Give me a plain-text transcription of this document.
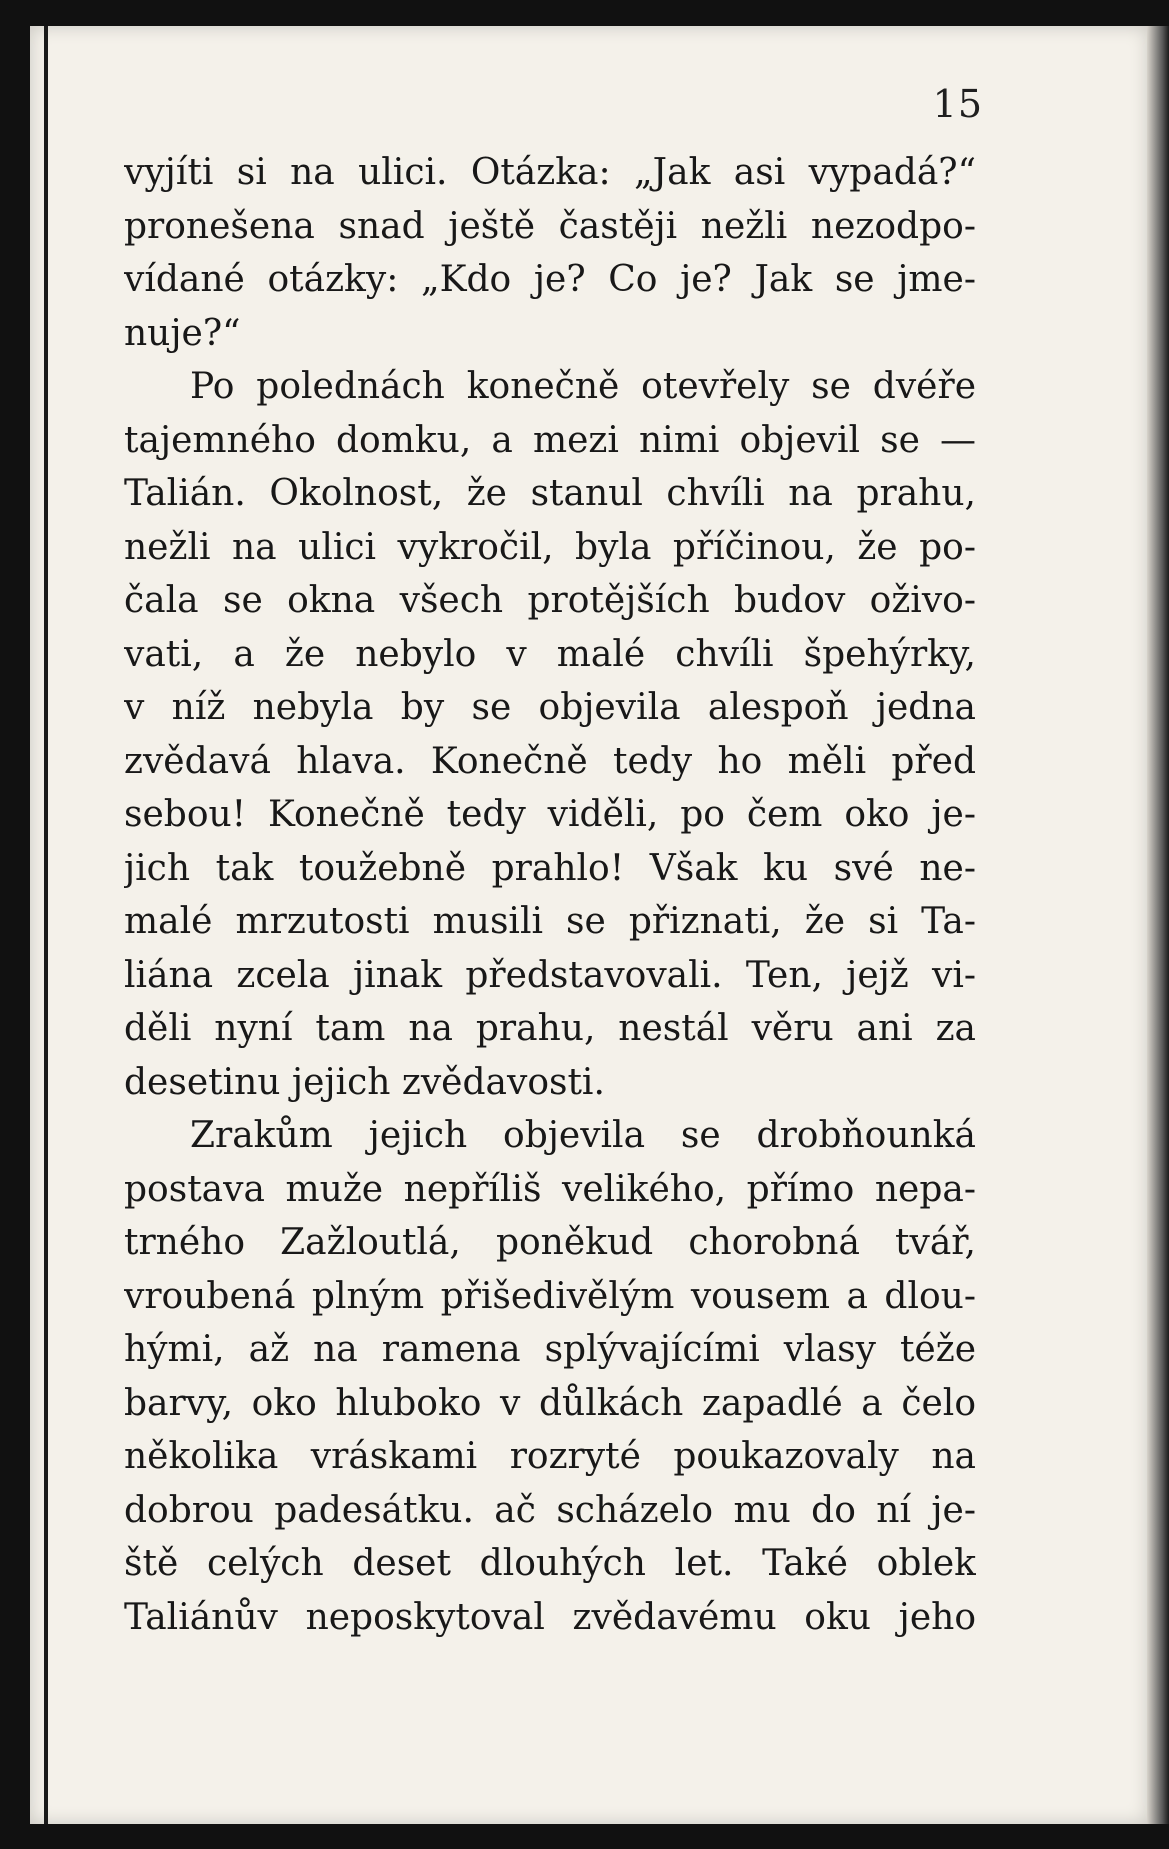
15
vyjíti si na ulici. Otázka: „Jak asi vypadá?“
pronešena snad ještě častěji nežli nezodpo-
vídané otázky: „Kdo je? Co je? Jak se jme-
nuje?“
Po polednách konečně otevřely se dvéře
tajemného domku, a mezi nimi objevil se —
Talián. Okolnost, že stanul chvíli na prahu,
nežli na ulici vykročil, byla příčinou, že po-
čala se okna všech protějších budov oživo-
vati, a že nebylo v malé chvíli špehýrky,
v níž nebyla by se objevila alespoň jedna
zvědavá hlava. Konečně tedy ho měli před
sebou! Konečně tedy viděli, po čem oko je-
jich tak toužebně prahlo! Však ku své ne-
malé mrzutosti musili se přiznati, že si Ta-
liána zcela jinak představovali. Ten, jejž vi-
děli nyní tam na prahu, nestál věru ani za
desetinu jejich zvědavosti.
Zrakům jejich objevila se drobňounká
postava muže nepříliš velikého, přímo nepa-
trného Zažloutlá, poněkud chorobná tvář,
vroubená plným přišedivělým vousem a dlou-
hými, až na ramena splývajícími vlasy téže
barvy, oko hluboko v důlkách zapadlé a čelo
několika vráskami rozryté poukazovaly na
dobrou padesátku. ač scházelo mu do ní je-
ště celých deset dlouhých let. Také oblek
Taliánův neposkytoval zvědavému oku jeho
